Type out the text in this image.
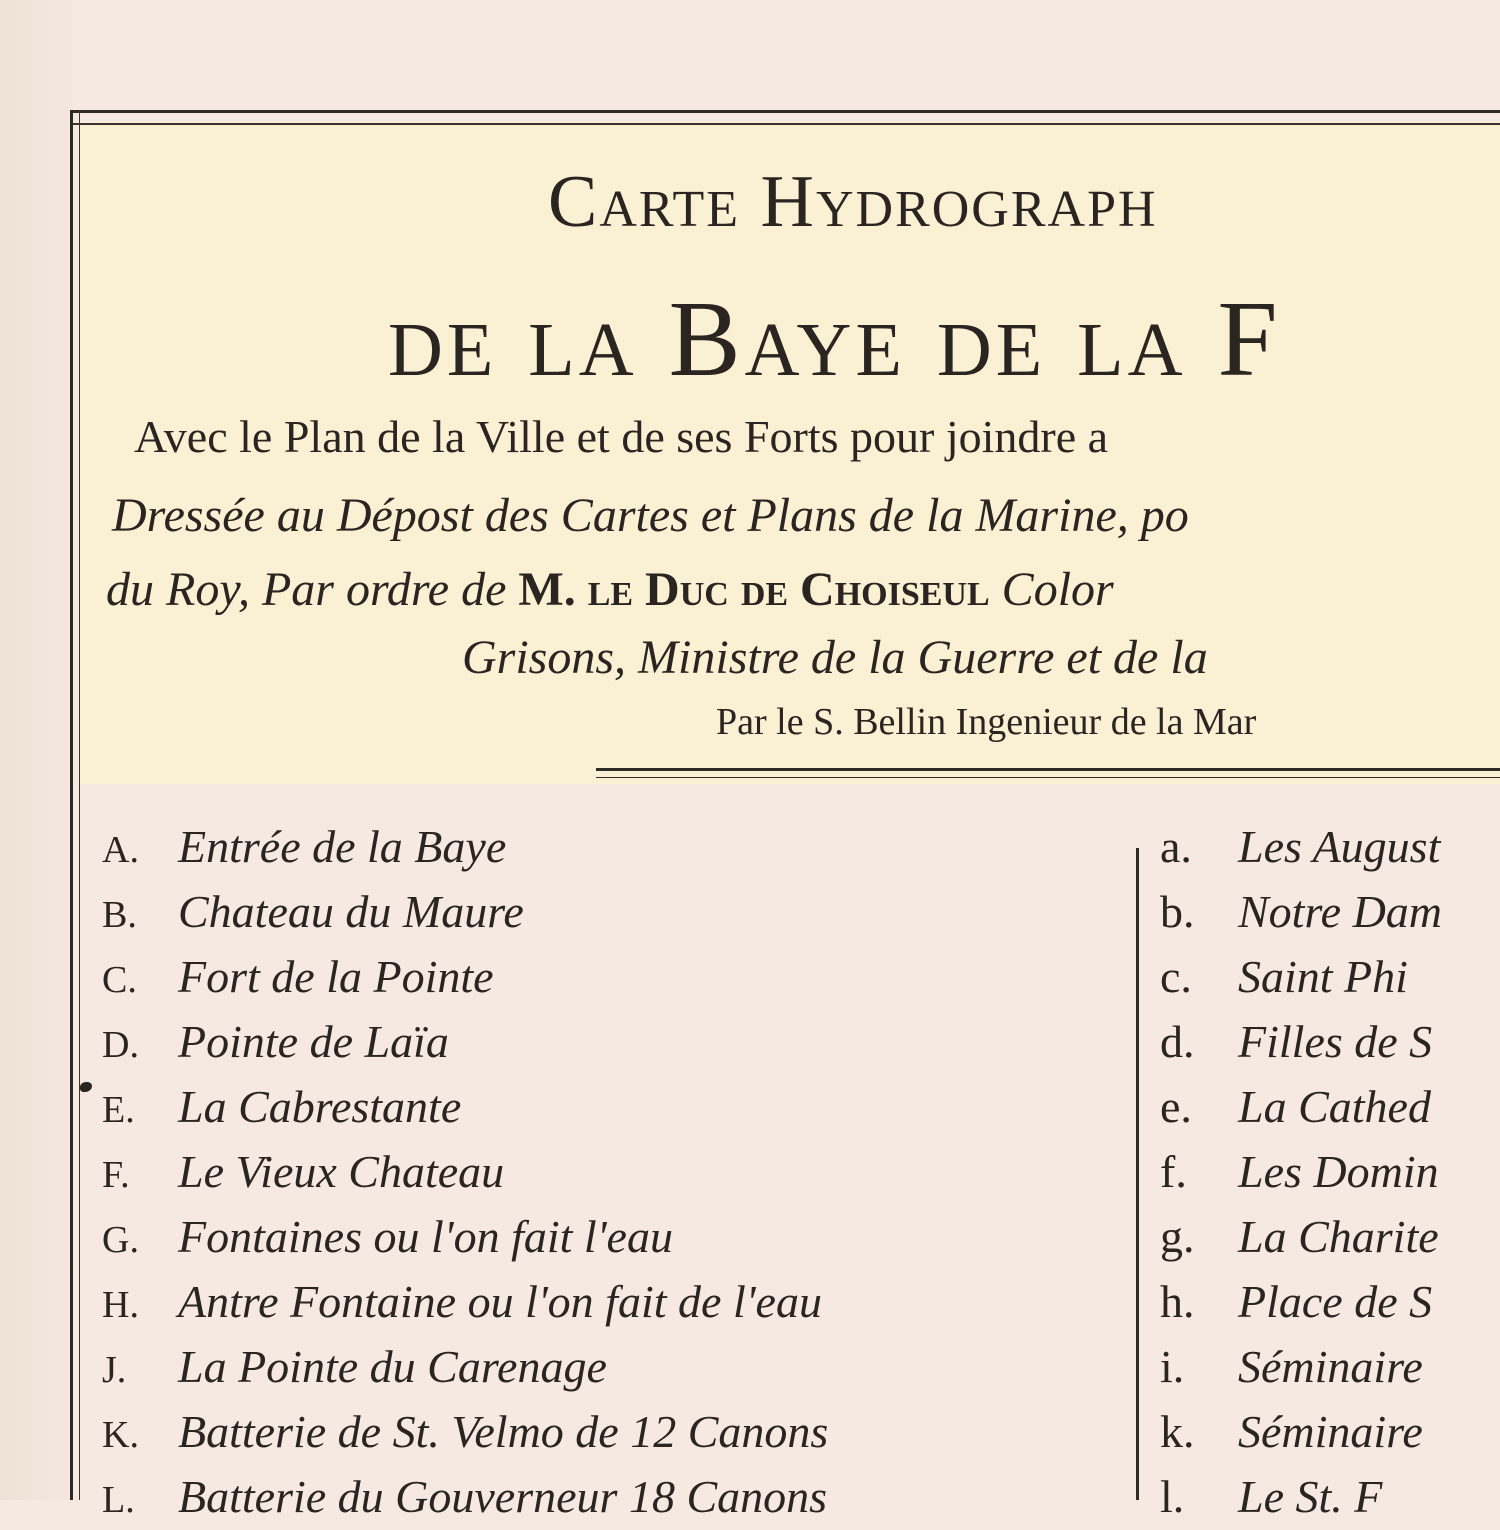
Carte Hydrograph
de la Baye de la F
Avec le Plan de la Ville et de ses Forts pour joindre a
Dressée au Dépost des Cartes et Plans de la Marine, po
du Roy, Par ordre de M. le Duc de Choiseul Color
Grisons, Ministre de la Guerre et de la
Par le S. Bellin Ingenieur de la Mar
A. Entrée de la Baye
B. Chateau du Maure
C. Fort de la Pointe
D. Pointe de Laïa
E. La Cabrestante
F. Le Vieux Chateau
G. Fontaines ou l'on fait l'eau
H. Antre Fontaine ou l'on fait de l'eau
J. La Pointe du Carenage
K. Batterie de St. Velmo de 12 Canons
L. Batterie du Gouverneur 18 Canons
a. Les August
b. Notre Dam
c. Saint Phi
d. Filles de S
e. La Cathed
f. Les Domin
g. La Charite
h. Place de S
i. Séminaire
k. Séminaire
l. Le St. F
